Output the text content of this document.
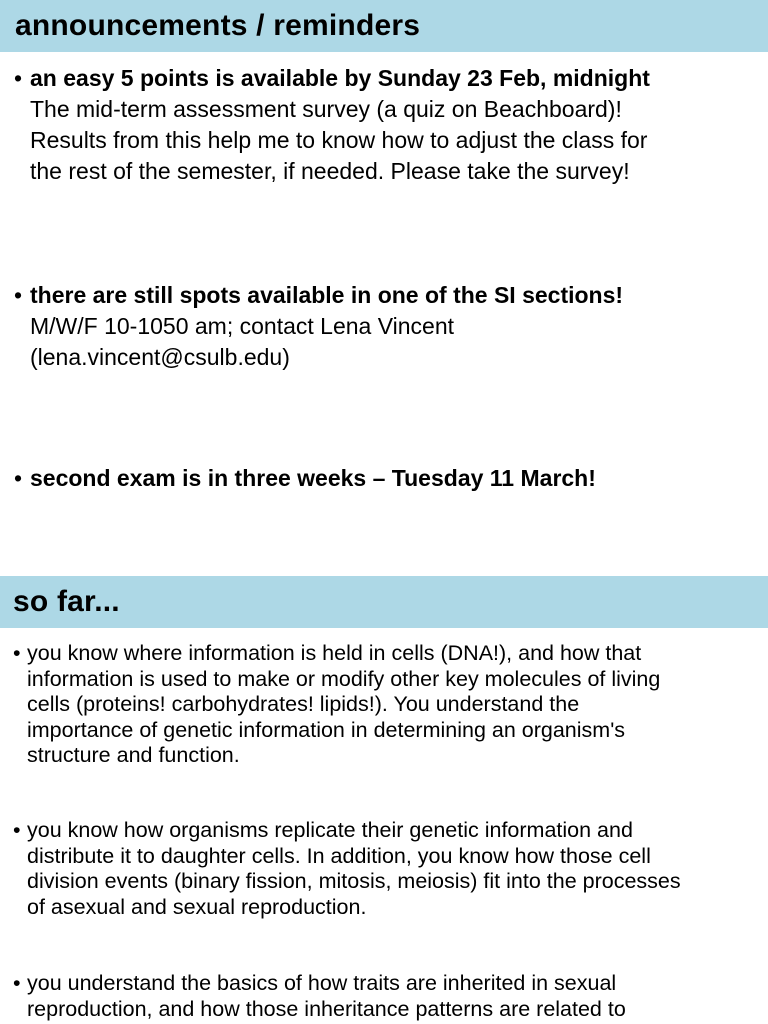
announcements / reminders
• an easy 5 points is available by Sunday 23 Feb, midnight
The mid-term assessment survey (a quiz on Beachboard)!
Results from this help me to know how to adjust the class for
the rest of the semester, if needed. Please take the survey!
• there are still spots available in one of the SI sections!
M/W/F 10-1050 am; contact Lena Vincent
(lena.vincent@csulb.edu)
• second exam is in three weeks – Tuesday 11 March!
so far...
• you know where information is held in cells (DNA!), and how that
information is used to make or modify other key molecules of living
cells (proteins! carbohydrates! lipids!). You understand the
importance of genetic information in determining an organism's
structure and function.
• you know how organisms replicate their genetic information and
distribute it to daughter cells. In addition, you know how those cell
division events (binary fission, mitosis, meiosis) fit into the processes
of asexual and sexual reproduction.
• you understand the basics of how traits are inherited in sexual
reproduction, and how those inheritance patterns are related to
